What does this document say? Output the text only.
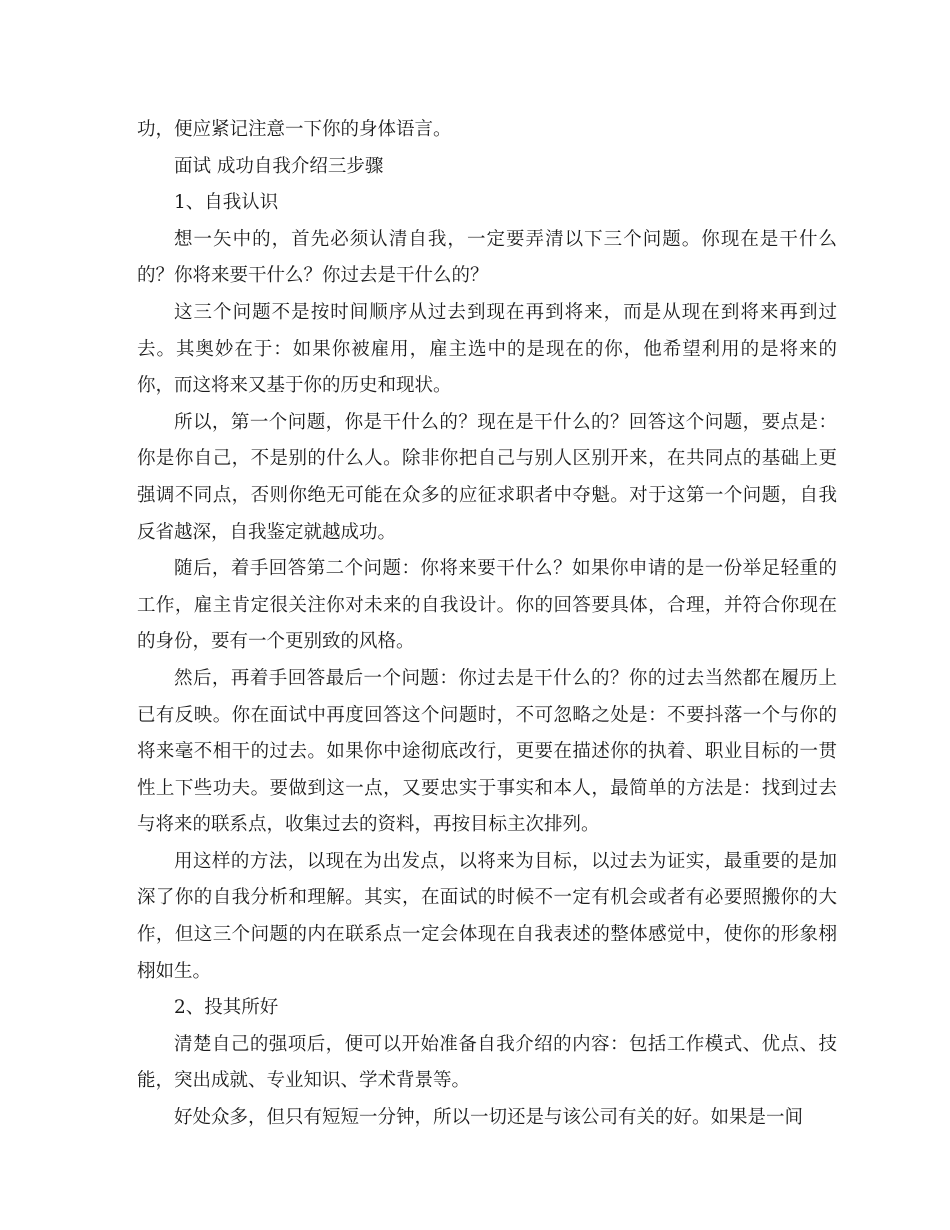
功，便应紧记注意一下你的身体语言。

面试 成功自我介绍三步骤

1、自我认识

想一矢中的，首先必须认清自我，一定要弄清以下三个问题。你现在是干什么的？你将来要干什么？你过去是干什么的？

这三个问题不是按时间顺序从过去到现在再到将来，而是从现在到将来再到过去。其奥妙在于：如果你被雇用，雇主选中的是现在的你，他希望利用的是将来的你，而这将来又基于你的历史和现状。

所以，第一个问题，你是干什么的？现在是干什么的？回答这个问题，要点是：你是你自己，不是别的什么人。除非你把自己与别人区别开来，在共同点的基础上更强调不同点，否则你绝无可能在众多的应征求职者中夺魁。对于这第一个问题，自我反省越深，自我鉴定就越成功。

随后，着手回答第二个问题：你将来要干什么？如果你申请的是一份举足轻重的工作，雇主肯定很关注你对未来的自我设计。你的回答要具体，合理，并符合你现在的身份，要有一个更别致的风格。

然后，再着手回答最后一个问题：你过去是干什么的？你的过去当然都在履历上已有反映。你在面试中再度回答这个问题时，不可忽略之处是：不要抖落一个与你的将来毫不相干的过去。如果你中途彻底改行，更要在描述你的执着、职业目标的一贯性上下些功夫。要做到这一点，又要忠实于事实和本人，最简单的方法是：找到过去与将来的联系点，收集过去的资料，再按目标主次排列。

用这样的方法，以现在为出发点，以将来为目标，以过去为证实，最重要的是加深了你的自我分析和理解。其实，在面试的时候不一定有机会或者有必要照搬你的大作，但这三个问题的内在联系点一定会体现在自我表述的整体感觉中，使你的形象栩栩如生。

2、投其所好

清楚自己的强项后，便可以开始准备自我介绍的内容：包括工作模式、优点、技能，突出成就、专业知识、学术背景等。

好处众多，但只有短短一分钟，所以一切还是与该公司有关的好。如果是一间
